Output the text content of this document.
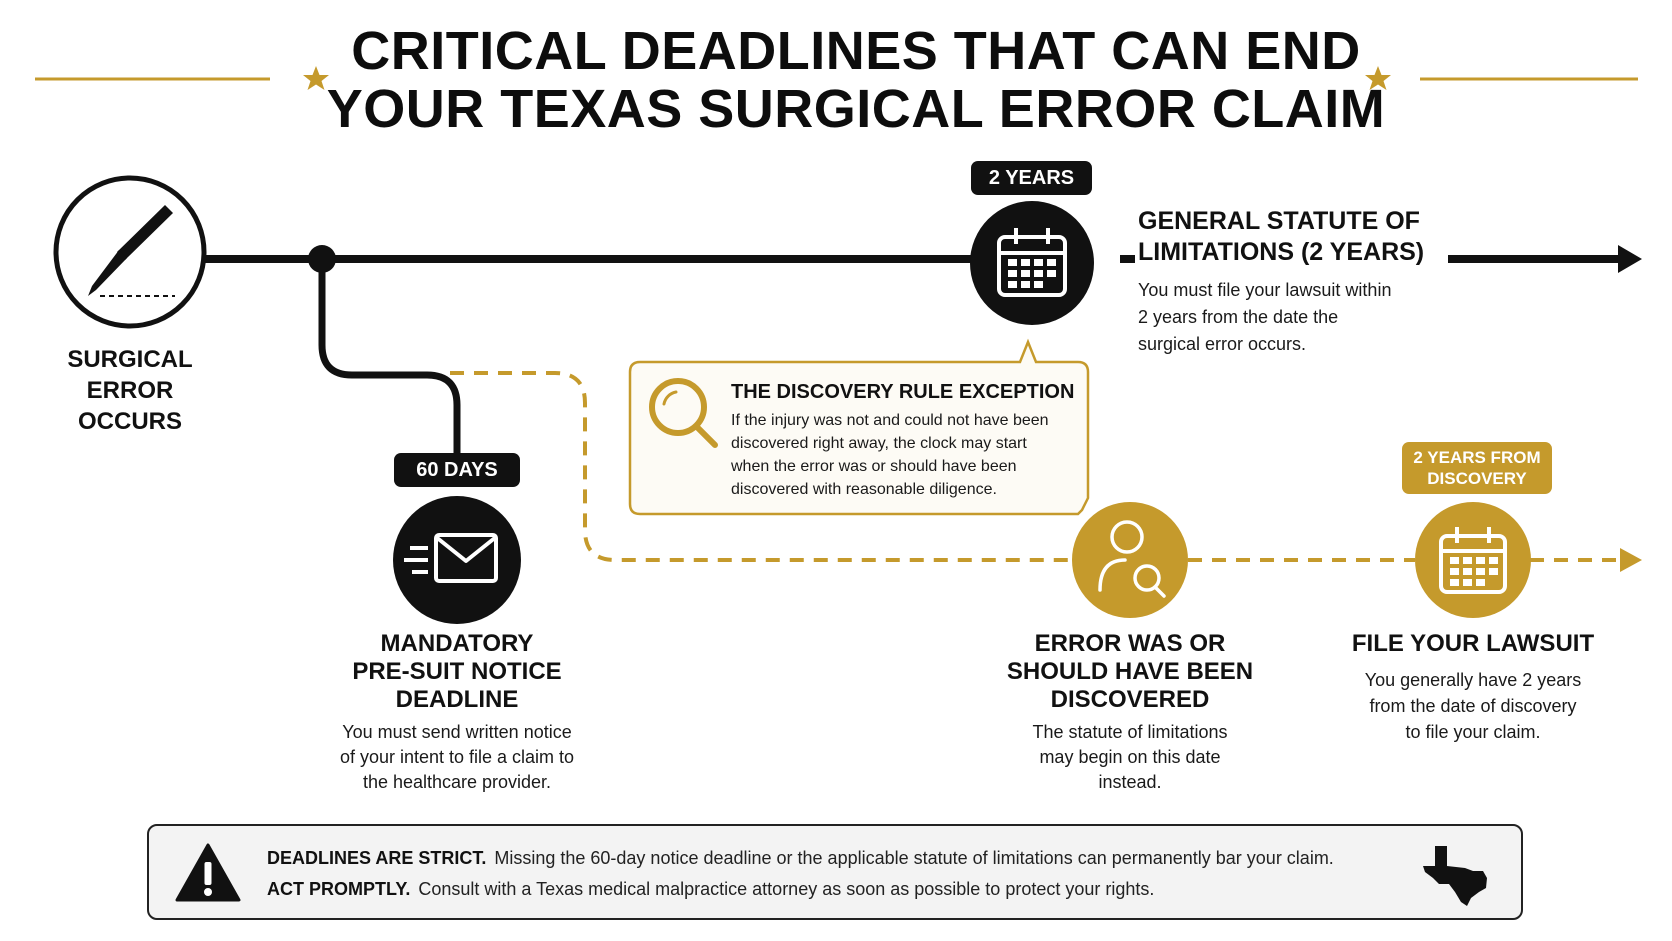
CRITICAL DEADLINES THAT CAN END
YOUR TEXAS SURGICAL ERROR CLAIM
SURGICAL
ERROR
OCCURS
2 YEARS
GENERAL STATUTE OF
LIMITATIONS (2 YEARS)
You must file your lawsuit within
2 years from the date the
surgical error occurs.
THE DISCOVERY RULE EXCEPTION
If the injury was not and could not have been
discovered right away, the clock may start
when the error was or should have been
discovered with reasonable diligence.
60 DAYS
MANDATORY
PRE-SUIT NOTICE
DEADLINE
You must send written notice
of your intent to file a claim to
the healthcare provider.
ERROR WAS OR
SHOULD HAVE BEEN
DISCOVERED
The statute of limitations
may begin on this date
instead.
2 YEARS FROM
DISCOVERY
FILE YOUR LAWSUIT
You generally have 2 years
from the date of discovery
to file your claim.
DEADLINES ARE STRICT. Missing the 60-day notice deadline or the applicable statute of limitations can permanently bar your claim.
ACT PROMPTLY. Consult with a Texas medical malpractice attorney as soon as possible to protect your rights.
